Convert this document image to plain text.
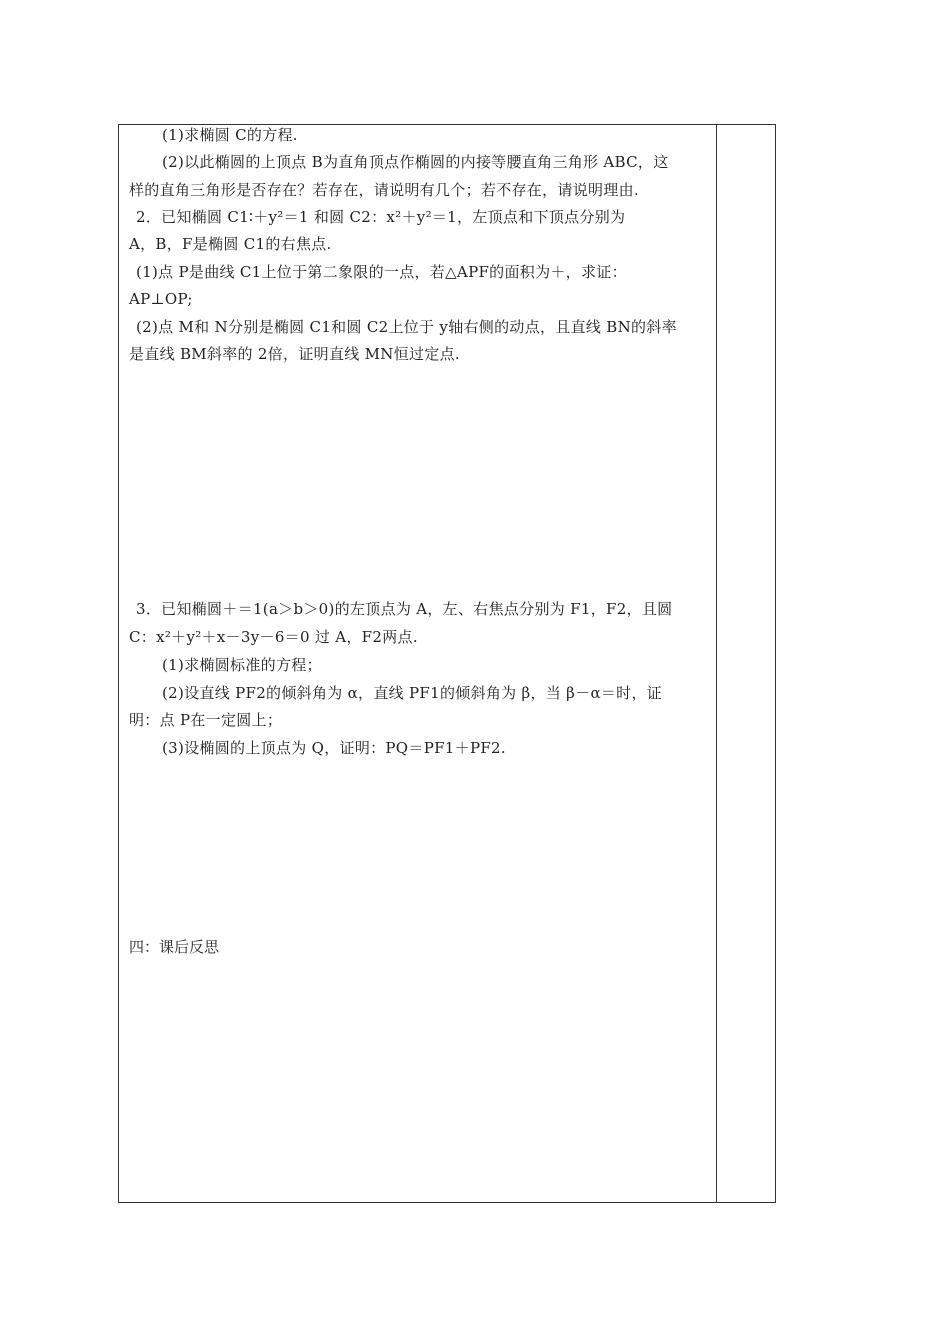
(1)求椭圆 C的方程.
(2)以此椭圆的上顶点 B为直角顶点作椭圆的内接等腰直角三角形 ABC，这
样的直角三角形是否存在？若存在，请说明有几个；若不存在，请说明理由.
2．已知椭圆 C1∶＋y²＝1 和圆 C2：x²＋y²＝1，左顶点和下顶点分别为
A，B，F是椭圆 C1的右焦点.
(1)点 P是曲线 C1上位于第二象限的一点，若△APF的面积为＋，求证：
AP⊥OP;
(2)点 M和 N分别是椭圆 C1和圆 C2上位于 y轴右侧的动点，且直线 BN的斜率
是直线 BM斜率的 2倍，证明直线 MN恒过定点.
3．已知椭圆＋＝1(a＞b＞0)的左顶点为 A，左、右焦点分别为 F1，F2，且圆
C：x²＋y²＋x－3y－6＝0 过 A，F2两点.
(1)求椭圆标准的方程；
(2)设直线 PF2的倾斜角为 α，直线 PF1的倾斜角为 β，当 β－α＝时，证
明：点 P在一定圆上；
(3)设椭圆的上顶点为 Q，证明：PQ＝PF1＋PF2.
四：课后反思
